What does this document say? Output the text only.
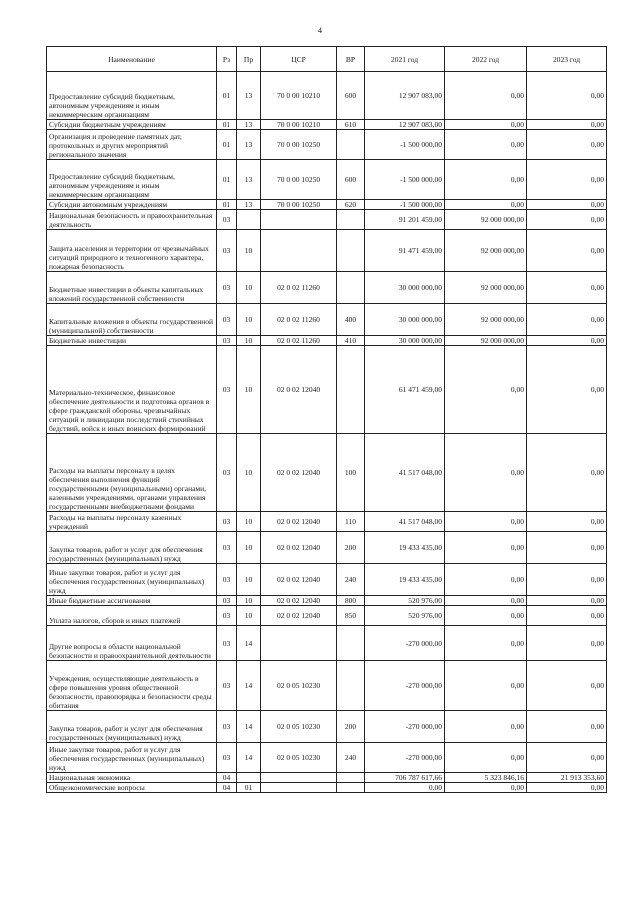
4
Наименование	Рз	Пр	ЦСР	ВР	2021 год	2022 год	2023 год
Предоставление субсидий бюджетным, автономным учреждениям и иным некоммерческим организациям	01	13	70 0 00 10210	600	12 907 083,00	0,00	0,00
Субсидии бюджетным учреждениям	01	13	70 0 00 10210	610	12 907 083,00	0,00	0,00
Организация и проведение памятных дат, протокольных и других мероприятий регионального значения	01	13	70 0 00 10250		-1 500 000,00	0,00	0,00
Предоставление субсидий бюджетным, автономным учреждениям и иным некоммерческим организациям	01	13	70 0 00 10250	600	-1 500 000,00	0,00	0,00
Субсидии автономным учреждениям	01	13	70 0 00 10250	620	-1 500 000,00	0,00	0,00
Национальная безопасность и правоохранительная деятельность	03				91 201 459,00	92 000 000,00	0,00
Защита населения и территории от чрезвычайных ситуаций природного и техногенного характера, пожарная безопасность	03	10			91 471 459,00	92 000 000,00	0,00
Бюджетные инвестиции в объекты капитальных вложений государственной собственности	03	10	02 0 02 11260		30 000 000,00	92 000 000,00	0,00
Капитальные вложения в объекты государственной (муниципальной) собственности	03	10	02 0 02 11260	400	30 000 000,00	92 000 000,00	0,00
Бюджетные инвестиции	03	10	02 0 02 11260	410	30 000 000,00	92 000 000,00	0,00
Материально-техническое, финансовое обеспечение деятельности и подготовка органов в сфере гражданской обороны, чрезвычайных ситуаций и ликвидации последствий стихийных бедствий, войск и иных воинских формирований	03	10	02 0 02 12040		61 471 459,00	0,00	0,00
Расходы на выплаты персоналу в целях обеспечения выполнения функций государственными (муниципальными) органами, казенными учреждениями, органами управления государственными внебюджетными фондами	03	10	02 0 02 12040	100	41 517 048,00	0,00	0,00
Расходы на выплаты персоналу казенных учреждений	03	10	02 0 02 12040	110	41 517 048,00	0,00	0,00
Закупка товаров, работ и услуг для обеспечения государственных (муниципальных) нужд	03	10	02 0 02 12040	200	19 433 435,00	0,00	0,00
Иные закупки товаров, работ и услуг для обеспечения государственных (муниципальных) нужд	03	10	02 0 02 12040	240	19 433 435,00	0,00	0,00
Иные бюджетные ассигнования	03	10	02 0 02 12040	800	520 976,00	0,00	0,00
Уплата налогов, сборов и иных платежей	03	10	02 0 02 12040	850	520 976,00	0,00	0,00
Другие вопросы в области национальной безопасности и правоохранительной деятельности	03	14			-270 000,00	0,00	0,00
Учреждения, осуществляющие деятельность в сфере повышения уровня общественной безопасности, правопорядка и безопасности среды обитания	03	14	02 0 05 10230		-270 000,00	0,00	0,00
Закупка товаров, работ и услуг для обеспечения государственных (муниципальных) нужд	03	14	02 0 05 10230	200	-270 000,00	0,00	0,00
Иные закупки товаров, работ и услуг для обеспечения государственных (муниципальных) нужд	03	14	02 0 05 10230	240	-270 000,00	0,00	0,00
Национальная экономика	04				706 787 617,66	5 323 846,16	21 913 353,60
Общеэкономические вопросы	04	01			0,00	0,00	0,00
